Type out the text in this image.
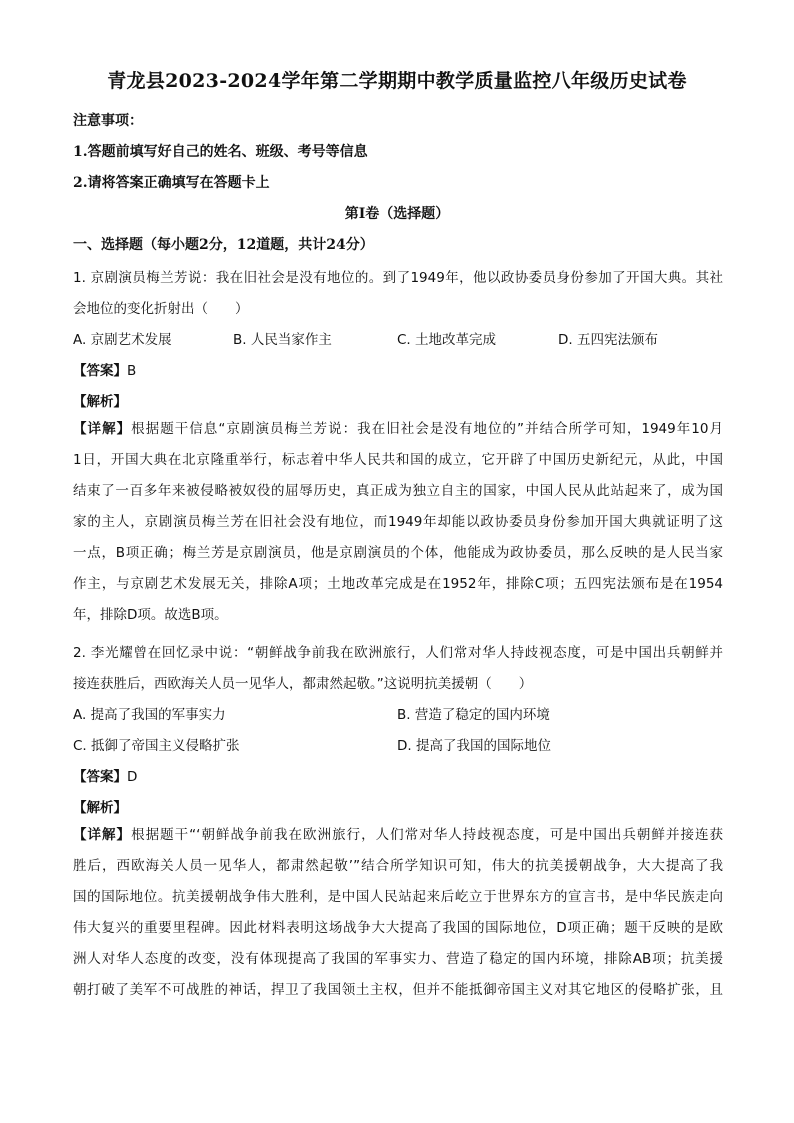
青龙县2023-2024学年第二学期期中教学质量监控八年级历史试卷
注意事项：
1.答题前填写好自己的姓名、班级、考号等信息
2.请将答案正确填写在答题卡上
第I卷（选择题）
一、选择题（每小题2分，12道题，共计24分）
1. 京剧演员梅兰芳说：我在旧社会是没有地位的。到了1949年，他以政协委员身份参加了开国大典。其社
会地位的变化折射出（　　）
A. 京剧艺术发展	B. 人民当家作主	C. 土地改革完成	D. 五四宪法颁布
【答案】B
【解析】
【详解】根据题干信息“京剧演员梅兰芳说：我在旧社会是没有地位的”并结合所学可知，1949年10月
1日，开国大典在北京隆重举行，标志着中华人民共和国的成立，它开辟了中国历史新纪元，从此，中国
结束了一百多年来被侵略被奴役的屈辱历史，真正成为独立自主的国家，中国人民从此站起来了，成为国
家的主人，京剧演员梅兰芳在旧社会没有地位，而1949年却能以政协委员身份参加开国大典就证明了这
一点，B项正确；梅兰芳是京剧演员，他是京剧演员的个体，他能成为政协委员，那么反映的是人民当家
作主，与京剧艺术发展无关，排除A项；土地改革完成是在1952年，排除C项；五四宪法颁布是在1954
年，排除D项。故选B项。
2. 李光耀曾在回忆录中说：“朝鲜战争前我在欧洲旅行，人们常对华人持歧视态度，可是中国出兵朝鲜并
接连获胜后，西欧海关人员一见华人，都肃然起敬。”这说明抗美援朝（　　）
A. 提高了我国的军事实力	B. 营造了稳定的国内环境
C. 抵御了帝国主义侵略扩张	D. 提高了我国的国际地位
【答案】D
【解析】
【详解】根据题干“‘朝鲜战争前我在欧洲旅行，人们常对华人持歧视态度，可是中国出兵朝鲜并接连获
胜后，西欧海关人员一见华人，都肃然起敬’”结合所学知识可知，伟大的抗美援朝战争，大大提高了我
国的国际地位。抗美援朝战争伟大胜利，是中国人民站起来后屹立于世界东方的宣言书，是中华民族走向
伟大复兴的重要里程碑。因此材料表明这场战争大大提高了我国的国际地位，D项正确；题干反映的是欧
洲人对华人态度的改变，没有体现提高了我国的军事实力、营造了稳定的国内环境，排除AB项；抗美援
朝打破了美军不可战胜的神话，捍卫了我国领土主权，但并不能抵御帝国主义对其它地区的侵略扩张，且
